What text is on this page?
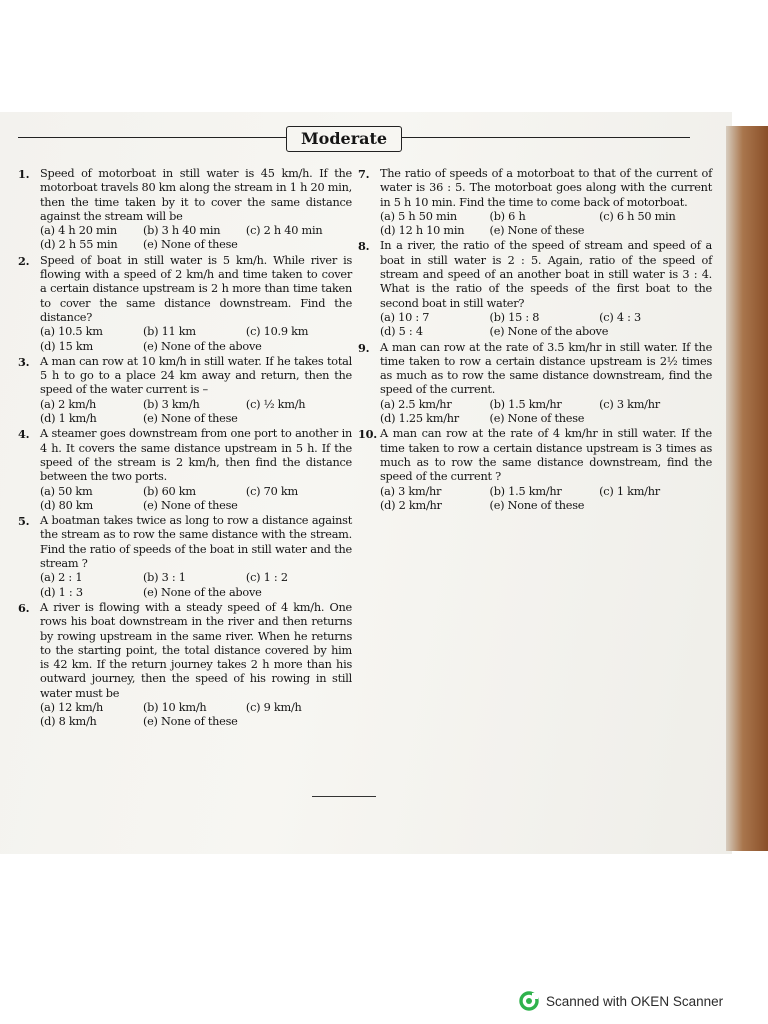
Moderate
1. Speed of motorboat in still water is 45 km/h. If the motorboat travels 80 km along the stream in 1 h 20 min, then the time taken by it to cover the same distance against the stream will be
(a) 4 h 20 min	(b) 3 h 40 min	(c) 2 h 40 min
(d) 2 h 55 min	(e) None of these
2. Speed of boat in still water is 5 km/h. While river is flowing with a speed of 2 km/h and time taken to cover a certain distance upstream is 2 h more than time taken to cover the same distance downstream. Find the distance?
(a) 10.5 km	(b) 11 km	(c) 10.9 km
(d) 15 km	(e) None of the above
3. A man can row at 10 km/h in still water. If he takes total 5 h to go to a place 24 km away and return, then the speed of the water current is –
(a) 2 km/h	(b) 3 km/h	(c) ½ km/h
(d) 1 km/h	(e) None of these
4. A steamer goes downstream from one port to another in 4 h. It covers the same distance upstream in 5 h. If the speed of the stream is 2 km/h, then find the distance between the two ports.
(a) 50 km	(b) 60 km	(c) 70 km
(d) 80 km	(e) None of these
5. A boatman takes twice as long to row a distance against the stream as to row the same distance with the stream. Find the ratio of speeds of the boat in still water and the stream ?
(a) 2 : 1	(b) 3 : 1	(c) 1 : 2
(d) 1 : 3	(e) None of the above
6. A river is flowing with a steady speed of 4 km/h. One rows his boat downstream in the river and then returns by rowing upstream in the same river. When he returns to the starting point, the total distance covered by him is 42 km. If the return journey takes 2 h more than his outward journey, then the speed of his rowing in still water must be
(a) 12 km/h	(b) 10 km/h	(c) 9 km/h
(d) 8 km/h	(e) None of these
7. The ratio of speeds of a motorboat to that of the current of water is 36 : 5. The motorboat goes along with the current in 5 h 10 min. Find the time to come back of motorboat.
(a) 5 h 50 min	(b) 6 h	(c) 6 h 50 min
(d) 12 h 10 min	(e) None of these
8. In a river, the ratio of the speed of stream and speed of a boat in still water is 2 : 5. Again, ratio of the speed of stream and speed of an another boat in still water is 3 : 4. What is the ratio of the speeds of the first boat to the second boat in still water?
(a) 10 : 7	(b) 15 : 8	(c) 4 : 3
(d) 5 : 4	(e) None of the above
9. A man can row at the rate of 3.5 km/hr in still water. If the time taken to row a certain distance upstream is 2½ times as much as to row the same distance downstream, find the speed of the current.
(a) 2.5 km/hr	(b) 1.5 km/hr	(c) 3 km/hr
(d) 1.25 km/hr	(e) None of these
10. A man can row at the rate of 4 km/hr in still water. If the time taken to row a certain distance upstream is 3 times as much as to row the same distance downstream, find the speed of the current ?
(a) 3 km/hr	(b) 1.5 km/hr	(c) 1 km/hr
(d) 2 km/hr	(e) None of these
Scanned with OKEN Scanner
